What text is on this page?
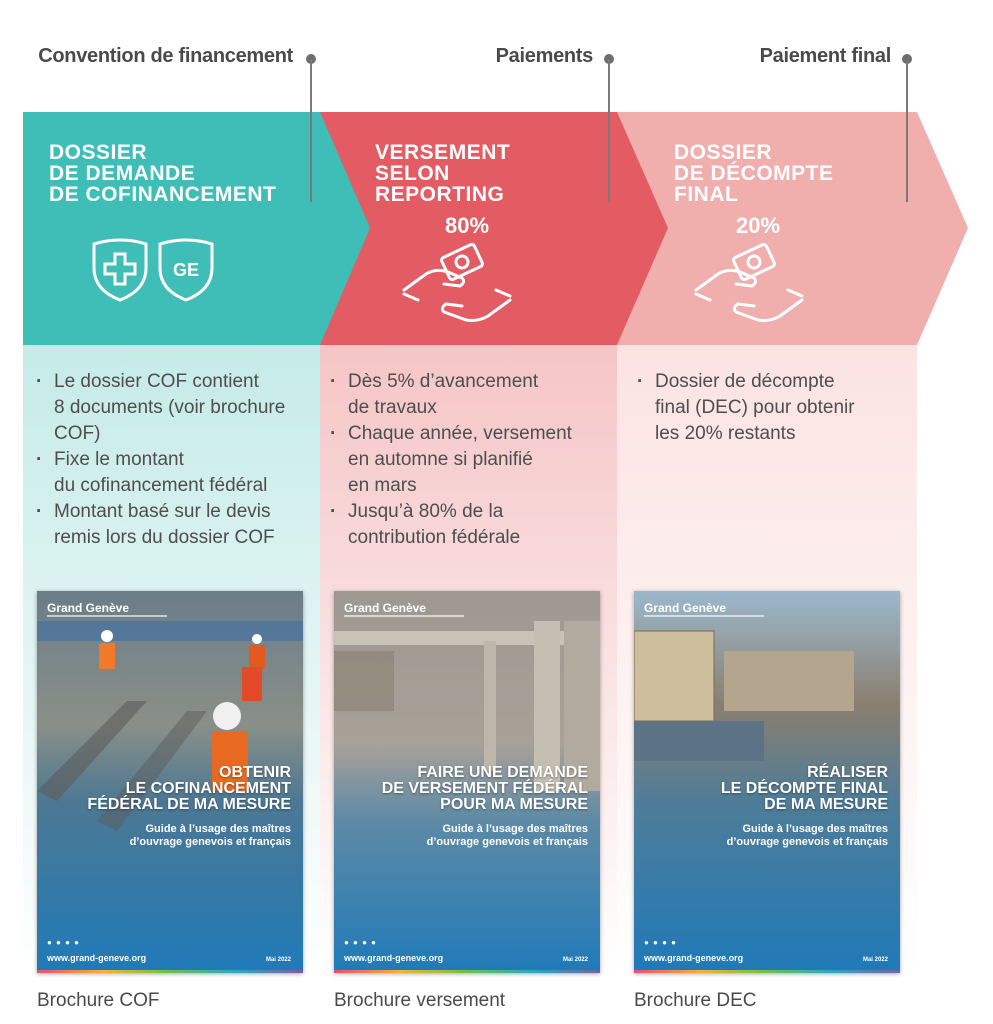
Convention de financement	Paiements	Paiement final
DOSSIER
DE DEMANDE
DE COFINANCEMENT
VERSEMENT
SELON
REPORTING
DOSSIER
DE DÉCOMPTE
FINAL
80%	20%
GE
· Le dossier COF contient
8 documents (voir brochure COF)
· Fixe le montant
du cofinancement fédéral
· Montant basé sur le devis
remis lors du dossier COF
· Dès 5% d’avancement
de travaux
· Chaque année, versement
en automne si planifié
en mars
· Jusqu’à 80% de la
contribution fédérale
· Dossier de décompte
final (DEC) pour obtenir
les 20% restants
Grand Genève
OBTENIR
LE COFINANCEMENT
FÉDÉRAL DE MA MESURE
Guide à l’usage des maîtres
d’ouvrage genevois et français
● ● ● ●
www.grand-geneve.org	Mai 2022
Grand Genève
FAIRE UNE DEMANDE
DE VERSEMENT FÉDÉRAL
POUR MA MESURE
Guide à l’usage des maîtres
d’ouvrage genevois et français
● ● ● ●
www.grand-geneve.org	Mai 2022
Grand Genève
RÉALISER
LE DÉCOMPTE FINAL
DE MA MESURE
Guide à l’usage des maîtres
d’ouvrage genevois et français
● ● ● ●
www.grand-geneve.org	Mai 2022
Brochure COF	Brochure versement	Brochure DEC
